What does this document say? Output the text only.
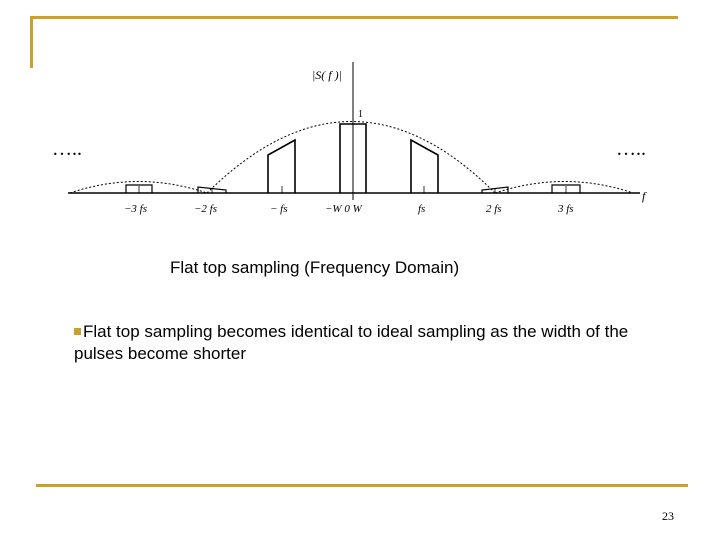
|S( f )|
1
f
…..	…..
−3 fs	−2 fs	− fs	−W 0 W	fs	2 fs	3 fs
Flat top sampling (Frequency Domain)
Flat top sampling becomes identical to ideal sampling as the width of the pulses become shorter
23
